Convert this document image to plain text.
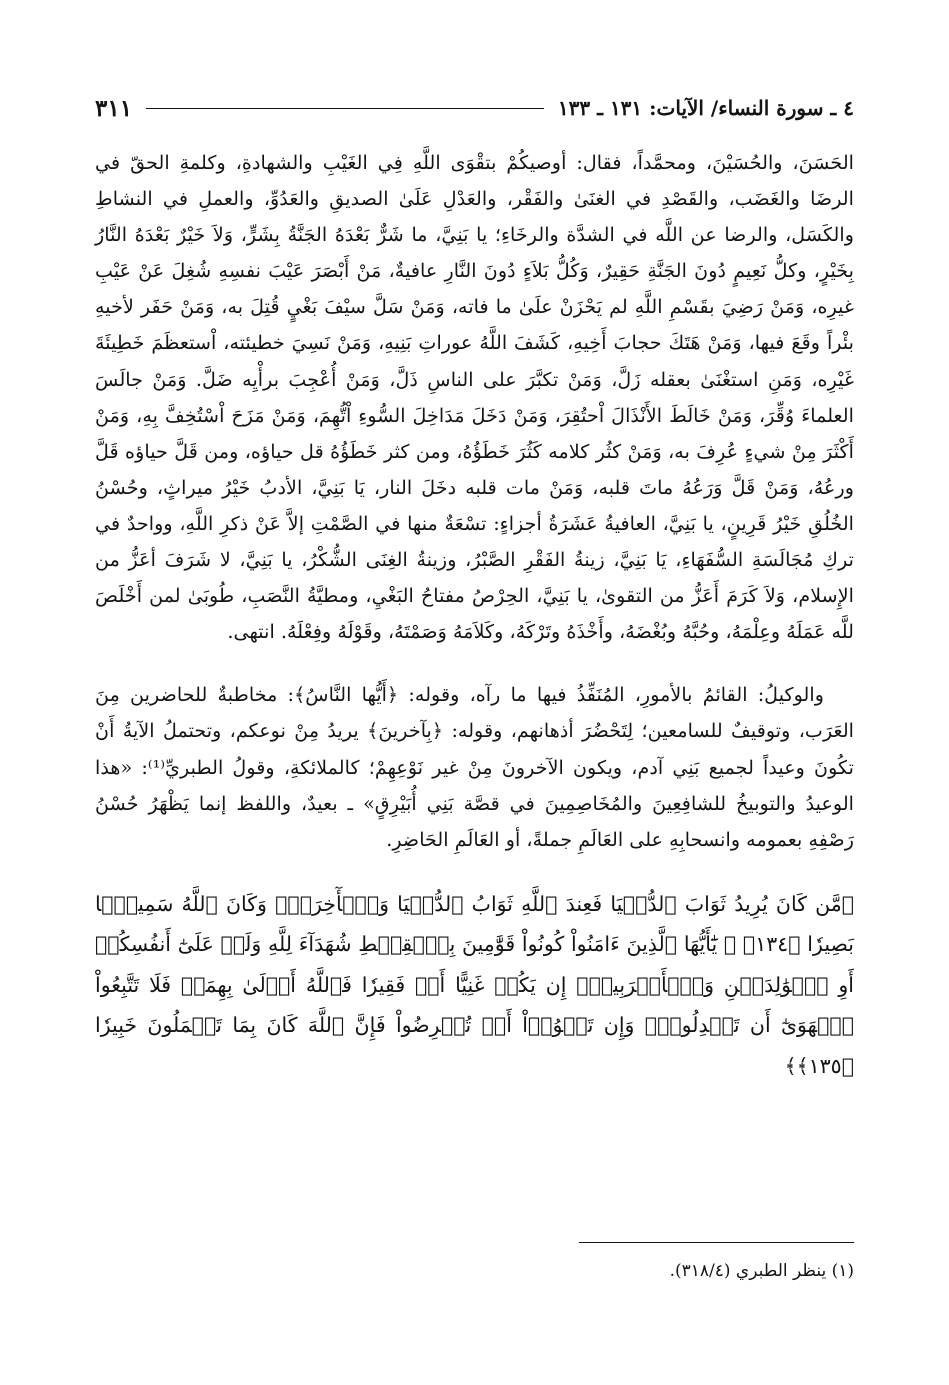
٤ ـ سورة النساء/ الآيات: ١٣١ ـ ١٣٣
٣١١

الحَسَنَ، والحُسَيْنَ، ومحمَّداً، فقال: أوصيكُمْ بتقْوَى اللَّهِ فِي الغَيْبِ والشهادةِ، وكلمةِ الحقّ في الرضَا والغَضَب، والقَصْدِ في الغنَىٰ والفَقْر، والعَدْلِ عَلَىٰ الصديقِ والعَدُوِّ، والعملِ في النشاطِ والكَسَل، والرضا عن اللَّه في الشدَّة والرخَاءِ؛ يا بَنِيَّ، ما شَرٌّ بَعْدَهُ الجَنَّةُ بِشَرٍّ، وَلاَ خَيْرٌ بَعْدَهُ النَّارُ بِخَيْرٍ، وكلُّ نَعِيمٍ دُونَ الجَنَّةِ حَقِيرٌ، وَكُلُّ بَلاَءٍ دُونَ النَّارِ عافيةٌ، مَنْ أَبْصَرَ عَيْبَ نفسِهِ شُغِلَ عَنْ عَيْبِ غيرِه، وَمَنْ رَضِيَ بقَسْمِ اللَّهِ لم يَحْزَنْ علَىٰ ما فاته، وَمَنْ سَلَّ سيْفَ بَغْيٍ قُتِلَ به، وَمَنْ حَفَر لأخيهِ بئْراً وقَعَ فيها، وَمَنْ هَتَكَ حجابَ أَخِيهِ، كَشَفَ اللَّهُ عوراتِ بَنِيهِ، وَمَنْ نَسِيَ خطيئته، اْستعظَمَ خَطِيئَةَ غَيْرِه، وَمَنِ استغْنَىٰ بعقله زَلَّ، وَمَنْ تكبَّرَ على الناسِ ذَلَّ، وَمَنْ أُعْجِبَ برأْيِه ضَلَّ. وَمَنْ جالَسَ العلماءَ وُقِّرَ، وَمَنْ خَالَطَ الأَنْذَالَ اْحتُقِرَ، وَمَنْ دَخَلَ مَدَاخِلَ السُّوءِ اْتُّهِمَ، وَمَنْ مَزَحَ اْسْتُخِفَّ بِهِ، وَمَنْ أَكْثَرَ مِنْ شيءٍ عُرِفَ به، وَمَنْ كثُر كلامه كَثُرَ خَطَؤُهُ، ومن كثر خَطَؤُهُ قل حياؤه، ومن قَلَّ حياؤه قَلَّ ورعُهُ، وَمَنْ قَلَّ وَرَعُهُ ماتَ قلبه، وَمَنْ مات قلبه دخَلَ النار، يَا بَنِيَّ، الأدبُ خَيْرُ ميراثٍ، وحُسْنُ الخُلُقِ خَيْرُ قَرِينٍ، يا بَنِيَّ، العافيةُ عَشَرَةُ أجزاءٍ: تسْعَةٌ منها في الصَّمْتِ إلاَّ عَنْ ذكرِ اللَّهِ، وواحدٌ في تركِ مُجَالَسَةِ السُّفَهَاءِ، يَا بَنِيَّ، زينةُ الفَقْرِ الصَّبْرُ، وزينةُ الغِنَى الشُّكْرُ، يا بَنِيَّ، لا شَرَفَ أعَزُّ من الإِسلام، وَلاَ كَرَمَ أَعَزُّ من التقوىٰ، يا بَنِيَّ، الحِرْصُ مفتاحُ البَغْيِ، ومطيَّةُ النَّصَبِ، طُوبَىٰ لمن أَخْلَصَ للَّه عَمَلَهُ وعِلْمَهُ، وحُبَّهُ وبُغْضَهُ، وأَخْذَهُ وتَرْكَهُ، وكَلاَمَهُ وَصَمْتَهُ، وقَوْلَهُ وفِعْلَهُ. انتهى.

والوكيلُ: القائمُ بالأمورِ، المُنَفِّذُ فيها ما رآه، وقوله: ﴿أَيُّها النَّاسُ﴾: مخاطبةٌ للحاضرين مِنَ العَرَب، وتوقيفٌ للسامعين؛ لِتَحْضُرَ أذهانهم، وقوله: ﴿بِآخرينَ﴾ يريدُ مِنْ نوعكم، وتحتملُ الآيةُ أَنْ تكُونَ وعيداً لجميع بَنِي آدم، ويكون الآخرونَ مِنْ غير نَوْعِهِمْ؛ كالملائكةِ، وقولُ الطبريِّ⁽¹⁾: «هذا الوعيدُ والتوبيخُ للشافِعِينَ والمُخَاصِمِينَ في قصَّة بَنِي أُبَيْرِقٍ» ـ بعيدٌ، واللفظ إنما يَظْهَرُ حُسْنُ رَصْفِهِ بعمومه وانسحابِهِ على العَالَمِ جملةً، أو العَالَمِ الحَاضِرِ.

﴿مَّن كَانَ يُرِيدُ ثَوَابَ ٱلدُّنۡيَا فَعِندَ ٱللَّهِ ثَوَابُ ٱلدُّنۡيَا وَٱلۡأٓخِرَةِۚ وَكَانَ ٱللَّهُ سَمِيعَۢا بَصِيرٗا ﴿١٣٤﴾ ۞ يَٰٓأَيُّهَا ٱلَّذِينَ ءَامَنُواْ كُونُواْ قَوَّٰمِينَ بِٱلۡقِسۡطِ شُهَدَآءَ لِلَّهِ وَلَوۡ عَلَىٰٓ أَنفُسِكُمۡ أَوِ ٱلۡوَٰلِدَيۡنِ وَٱلۡأَقۡرَبِينَۚ إِن يَكُنۡ غَنِيًّا أَوۡ فَقِيرٗا فَٱللَّهُ أَوۡلَىٰ بِهِمَاۖ فَلَا تَتَّبِعُواْ ٱلۡهَوَىٰٓ أَن تَعۡدِلُواْۚ وَإِن تَلۡوُۥٓاْ أَوۡ تُعۡرِضُواْ فَإِنَّ ٱللَّهَ كَانَ بِمَا تَعۡمَلُونَ خَبِيرٗا ﴿١٣٥﴾﴾

(١) ينظر الطبري (٣١٨/٤).
